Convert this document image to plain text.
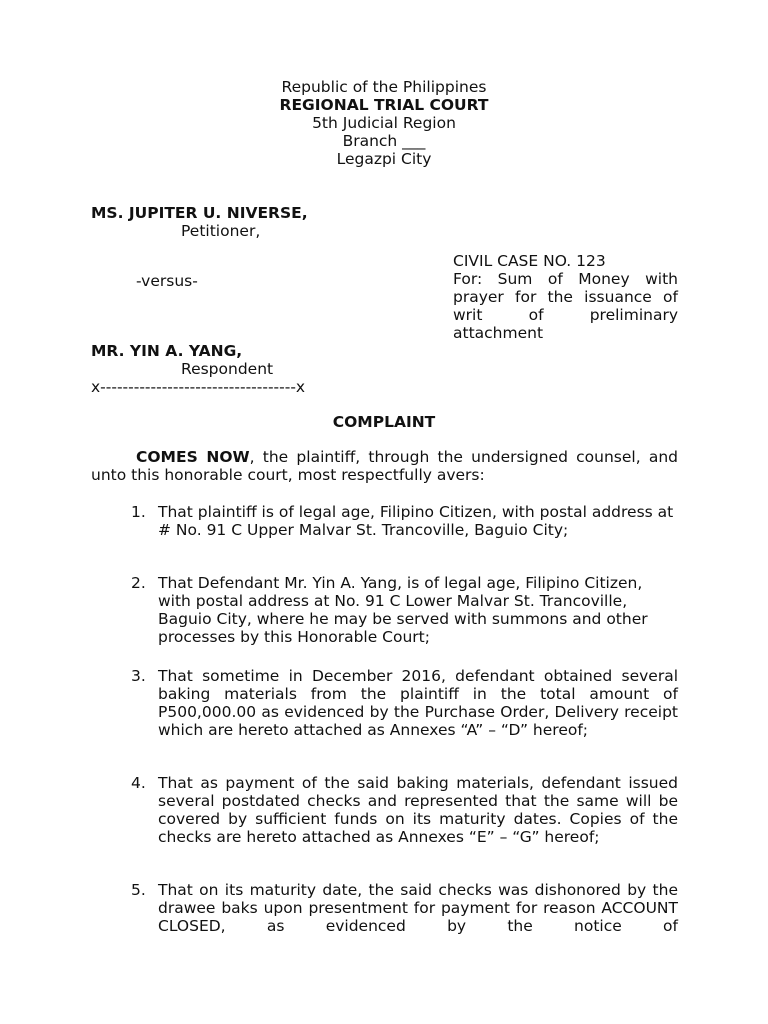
Republic of the Philippines
REGIONAL TRIAL COURT
5th Judicial Region
Branch ___
Legazpi City
MS. JUPITER U. NIVERSE,
Petitioner,
-versus-
CIVIL CASE NO. 123
For: Sum of Money with prayer for the issuance of writ of preliminary attachment
MR. YIN A. YANG,
Respondent
x-----------------------------------x
COMPLAINT
COMES NOW, the plaintiff, through the undersigned counsel, and unto this honorable court, most respectfully avers:
1. That plaintiff is of legal age, Filipino Citizen, with postal address at # No. 91 C Upper Malvar St. Trancoville, Baguio City;
2. That Defendant Mr. Yin A. Yang, is of legal age, Filipino Citizen, with postal address at No. 91 C Lower Malvar St. Trancoville, Baguio City, where he may be served with summons and other processes by this Honorable Court;
3. That sometime in December 2016, defendant obtained several baking materials from the plaintiff in the total amount of P500,000.00 as evidenced by the Purchase Order, Delivery receipt which are hereto attached as Annexes “A” – “D” hereof;
4. That as payment of the said baking materials, defendant issued several postdated checks and represented that the same will be covered by sufficient funds on its maturity dates. Copies of the checks are hereto attached as Annexes “E” – “G” hereof;
5. That on its maturity date, the said checks was dishonored by the drawee baks upon presentment for payment for reason ACCOUNT CLOSED, as evidenced by the notice of
